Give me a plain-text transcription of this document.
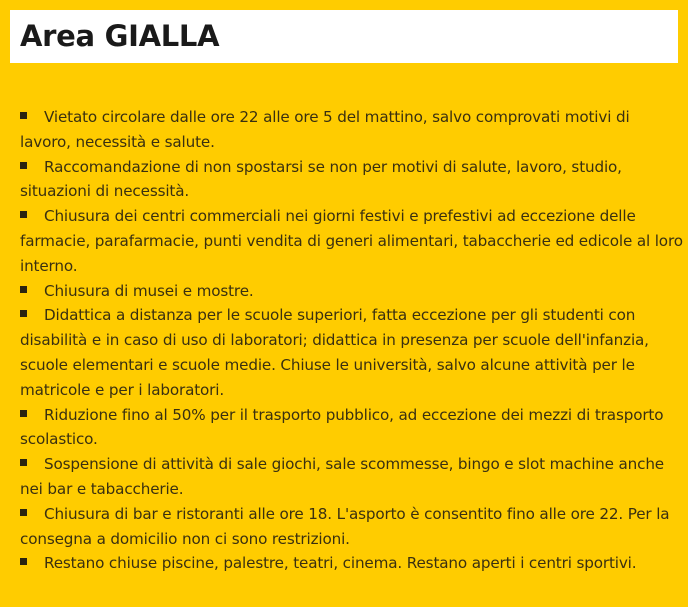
Area GIALLA
Vietato circolare dalle ore 22 alle ore 5 del mattino, salvo comprovati motivi di lavoro, necessità e salute.
Raccomandazione di non spostarsi se non per motivi di salute, lavoro, studio, situazioni di necessità.
Chiusura dei centri commerciali nei giorni festivi e prefestivi ad eccezione delle farmacie, parafarmacie, punti vendita di generi alimentari, tabaccherie ed edicole al loro interno.
Chiusura di musei e mostre.
Didattica a distanza per le scuole superiori, fatta eccezione per gli studenti con disabilità e in caso di uso di laboratori; didattica in presenza per scuole dell'infanzia, scuole elementari e scuole medie. Chiuse le università, salvo alcune attività per le matricole e per i laboratori.
Riduzione fino al 50% per il trasporto pubblico, ad eccezione dei mezzi di trasporto scolastico.
Sospensione di attività di sale giochi, sale scommesse, bingo e slot machine anche nei bar e tabaccherie.
Chiusura di bar e ristoranti alle ore 18. L'asporto è consentito fino alle ore 22. Per la consegna a domicilio non ci sono restrizioni.
Restano chiuse piscine, palestre, teatri, cinema. Restano aperti i centri sportivi.
